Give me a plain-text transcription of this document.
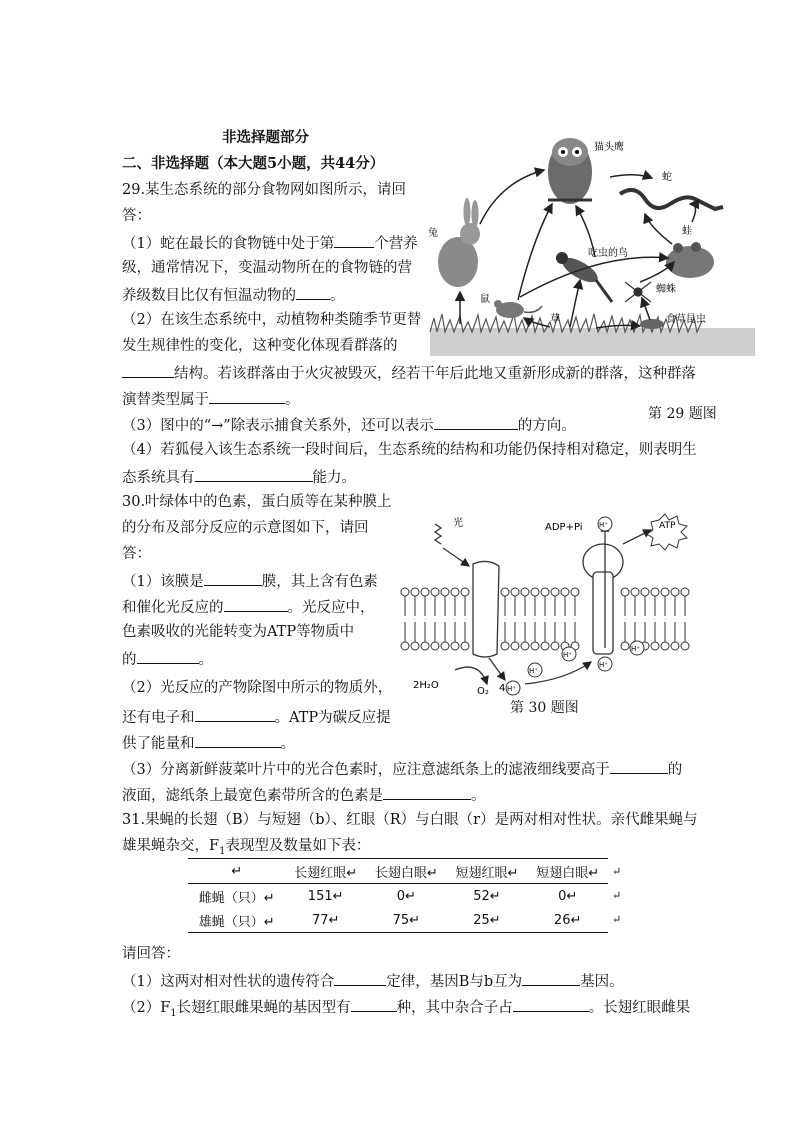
非选择题部分
二、非选择题（本大题5小题，共44分）
29.某生态系统的部分食物网如图所示，请回
答：
（1）蛇在最长的食物链中处于第	个营养
级，通常情况下，变温动物所在的食物链的营
养级数目比仅有恒温动物的 。
（2）在该生态系统中，动植物种类随季节更替
发生规律性的变化，这种变化体现看群落的
结构。若该群落由于火灾被毁灭，经若干年后此地又重新形成新的群落，这种群落
演替类型属于	。
（3）图中的“→”除表示捕食关系外，还可以表示	的方向。
（4）若狐侵入该生态系统一段时间后，生态系统的结构和功能仍保持相对稳定，则表明生
态系统具有	能力。
第 29 题图
猫头鹰
蛇
兔	蛙
吃虫的鸟
鼠
草
蜘蛛
食草昆虫
30.叶绿体中的色素，蛋白质等在某种膜上
的分布及部分反应的示意图如下，请回
答：
（1）该膜是	膜，其上含有色素
和催化光反应的	。光反应中，
色素吸收的光能转变为ATP等物质中
的	。
（2）光反应的产物除图中所示的物质外，
还有电子和	。ATP为碳反应提
供了能量和	。
（3）分离新鲜菠菜叶片中的光合色素时，应注意滤纸条上的滤液细线要高于	的
液面，滤纸条上最宽色素带所含的色素是	。
光	ADP+Pi	ATP
H⁺
H⁺
H⁺
H⁺
H⁺
H⁺
2H₂O
O₂ 4
第 30 题图
31.果蝇的长翅（B）与短翅（b）、红眼（R）与白眼（r）是两对相对性状。亲代雌果蝇与
雄果蝇杂交，$F_1$表现型及数量如下表：
↵	长翅红眼↵	长翅白眼↵	短翅红眼↵	短翅白眼↵
雌蝇（只）↵	151↵	0↵	52↵	0↵
雄蝇（只）↵	77↵	75↵	25↵	26↵
↵
↵
↵
请回答：
（1）这两对相对性状的遗传符合	定律，基因B与b互为	基因。
$(2)F_1$长翅红眼雌果蝇的基因型有	种，其中杂合子占	。长翅红眼雌果
